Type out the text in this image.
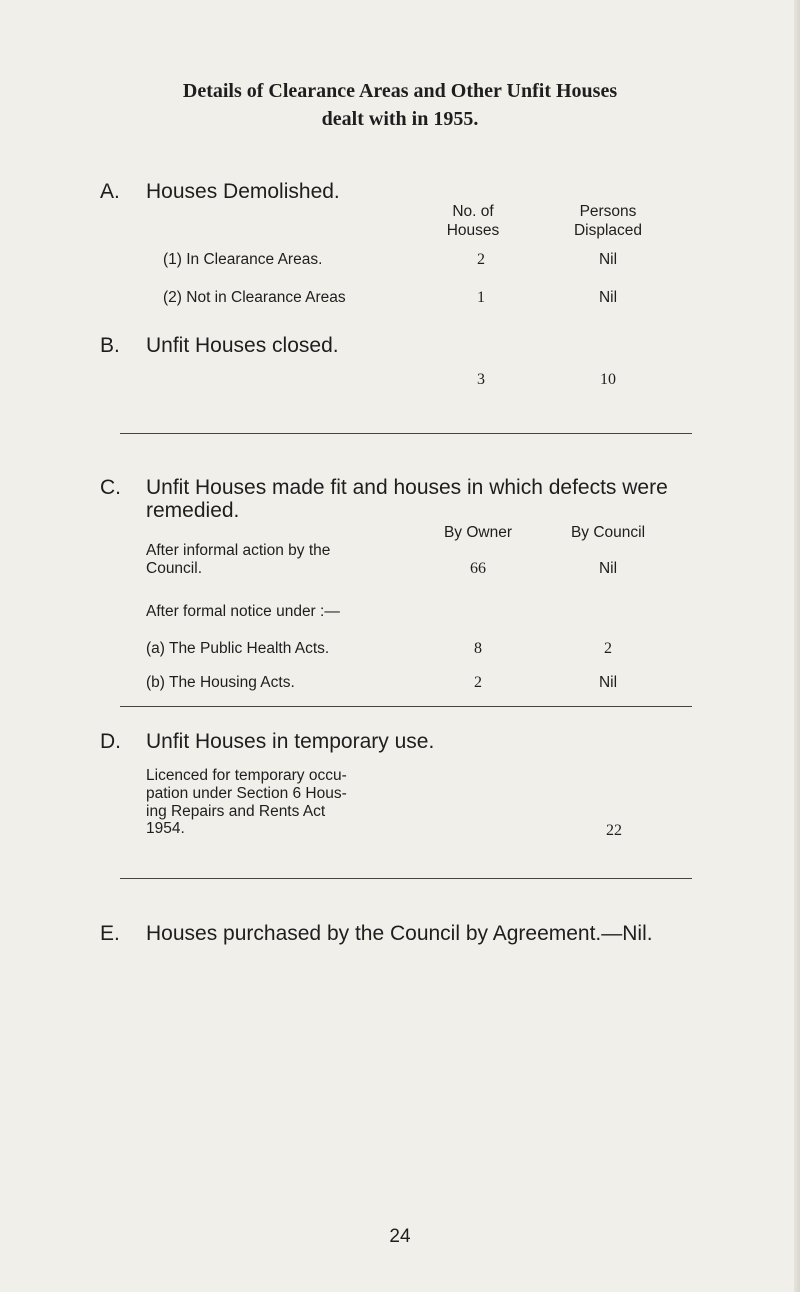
Details of Clearance Areas and Other Unfit Houses
dealt with in 1955.
A. Houses Demolished.
No. of
Houses
Persons
Displaced
(1) In Clearance Areas.	2	Nil
(2) Not in Clearance Areas	1	Nil
B. Unfit Houses closed.
3	10
C. Unfit Houses made fit and houses in which defects were
remedied.
By Owner	By Council
After informal action by the
Council.	66	Nil
After formal notice under :—
(a) The Public Health Acts.	8	2
(b) The Housing Acts.	2	Nil
D. Unfit Houses in temporary use.
Licenced for temporary occu-
pation under Section 6 Hous-
ing Repairs and Rents Act
1954.	22
E. Houses purchased by the Council by Agreement.—Nil.
24
